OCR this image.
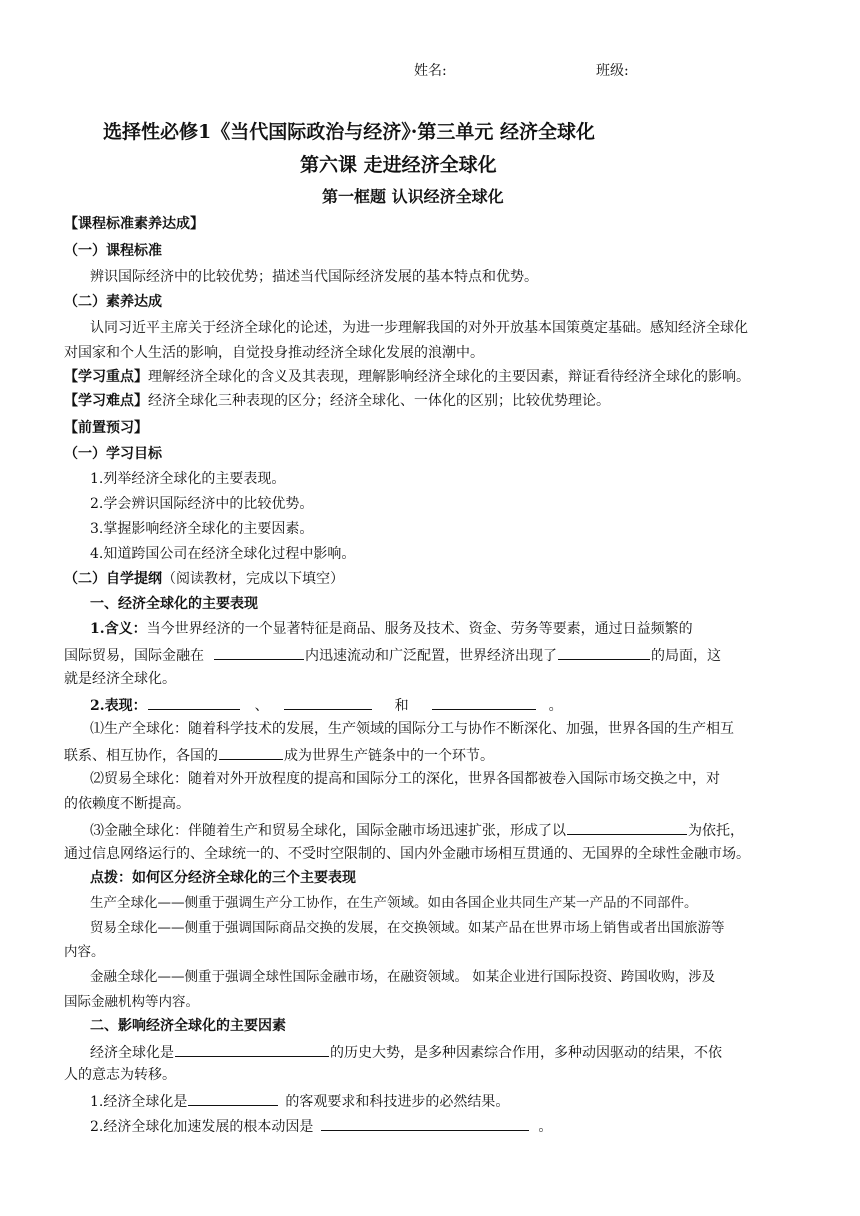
姓名:	班级:
选择性必修1《当代国际政治与经济》·第三单元 经济全球化
第六课 走进经济全球化
第一框题 认识经济全球化
【课程标准素养达成】
（一）课程标准
辨识国际经济中的比较优势；描述当代国际经济发展的基本特点和优势。
（二）素养达成
认同习近平主席关于经济全球化的论述，为进一步理解我国的对外开放基本国策奠定基础。感知经济全球化
对国家和个人生活的影响，自觉投身推动经济全球化发展的浪潮中。
【学习重点】理解经济全球化的含义及其表现，理解影响经济全球化的主要因素，辩证看待经济全球化的影响。
【学习难点】经济全球化三种表现的区分；经济全球化、一体化的区别；比较优势理论。
【前置预习】
（一）学习目标
1.列举经济全球化的主要表现。
2.学会辨识国际经济中的比较优势。
3.掌握影响经济全球化的主要因素。
4.知道跨国公司在经济全球化过程中影响。
（二）自学提纲（阅读教材，完成以下填空）
一、经济全球化的主要表现
1.含义：当今世界经济的一个显著特征是商品、服务及技术、资金、劳务等要素，通过日益频繁的
国际贸易，国际金融在	内迅速流动和广泛配置，世界经济出现了	的局面，这
就是经济全球化。
2.表现：	、	和	。
⑴生产全球化：随着科学技术的发展，生产领域的国际分工与协作不断深化、加强，世界各国的生产相互
联系、相互协作，各国的	成为世界生产链条中的一个环节。
⑵贸易全球化：随着对外开放程度的提高和国际分工的深化，世界各国都被卷入国际市场交换之中，对
的依赖度不断提高。
⑶金融全球化：伴随着生产和贸易全球化，国际金融市场迅速扩张，形成了以	为依托，
通过信息网络运行的、全球统一的、不受时空限制的、国内外金融市场相互贯通的、无国界的全球性金融市场。
点拨：如何区分经济全球化的三个主要表现
生产全球化——侧重于强调生产分工协作，在生产领域。如由各国企业共同生产某一产品的不同部件。
贸易全球化——侧重于强调国际商品交换的发展，在交换领域。如某产品在世界市场上销售或者出国旅游等
内容。
金融全球化——侧重于强调全球性国际金融市场，在融资领域。 如某企业进行国际投资、跨国收购，涉及
国际金融机构等内容。
二、影响经济全球化的主要因素
经济全球化是	的历史大势，是多种因素综合作用，多种动因驱动的结果，不依
人的意志为转移。
1.经济全球化是	的客观要求和科技进步的必然结果。
2.经济全球化加速发展的根本动因是	。
